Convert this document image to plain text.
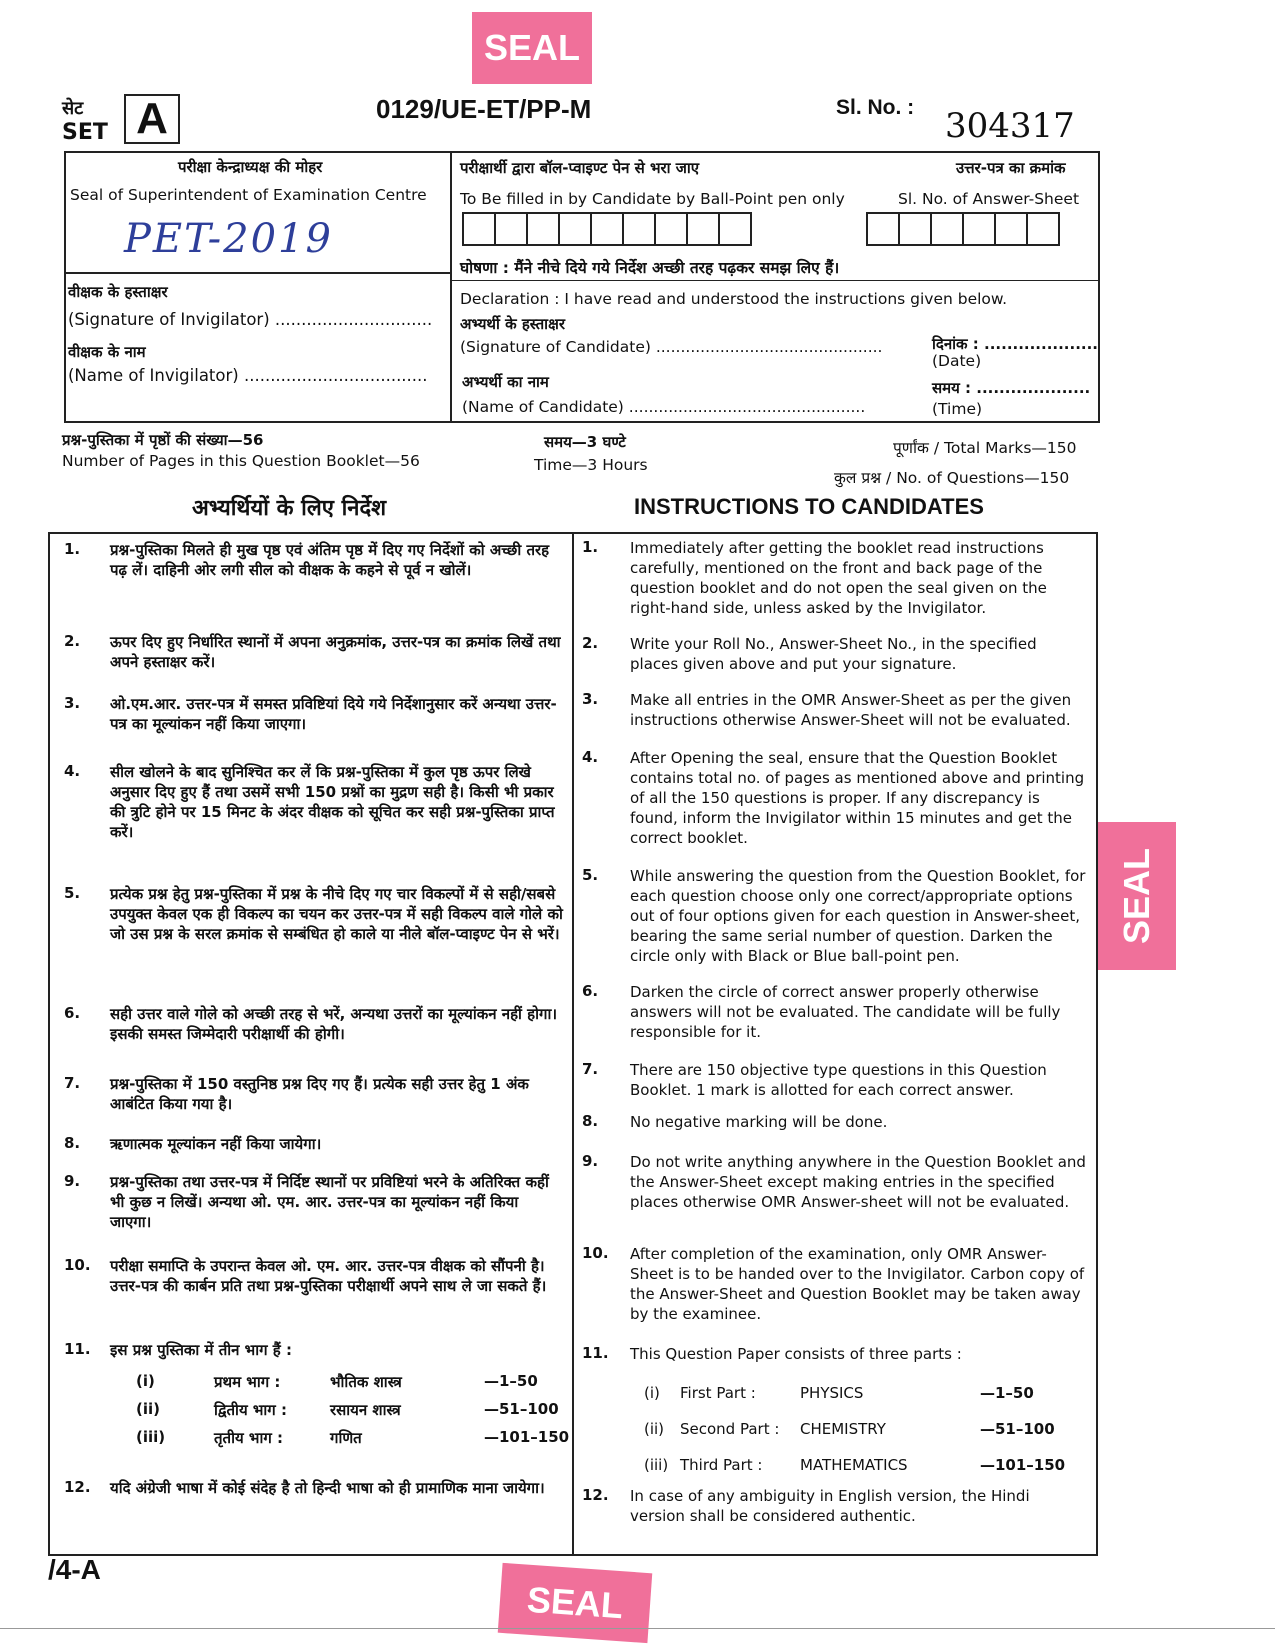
SEAL
SEAL
SEAL
सेट
SET A	0129/UE-ET/PP-M	Sl. No. : 304317
परीक्षा केन्द्राध्यक्ष की मोहर
Seal of Superintendent of Examination Centre
PET-2019
वीक्षक के हस्ताक्षर
(Signature of Invigilator) ..............................
वीक्षक के नाम
(Name of Invigilator) ...................................
परीक्षार्थी द्वारा बॉल-प्वाइण्ट पेन से भरा जाए
To Be filled in by Candidate by Ball-Point pen only
उत्तर-पत्र का क्रमांक
Sl. No. of Answer-Sheet
घोषणा : मैंने नीचे दिये गये निर्देश अच्छी तरह पढ़कर समझ लिए हैं।
Declaration : I have read and understood the instructions given below.
अभ्यर्थी के हस्ताक्षर
(Signature of Candidate) ..............................................
अभ्यर्थी का नाम
(Name of Candidate) ................................................
दिनांक : ....................
(Date)
समय : ....................
(Time)
प्रश्न-पुस्तिका में पृष्ठों की संख्या—56
Number of Pages in this Question Booklet—56
समय—3 घण्टे
Time—3 Hours
पूर्णांक / Total Marks—150
कुल प्रश्न / No. of Questions—150
अभ्यर्थियों के लिए निर्देश	INSTRUCTIONS TO CANDIDATES
/4-A
1. प्रश्न-पुस्तिका मिलते ही मुख पृष्ठ एवं अंतिम पृष्ठ में दिए गए निर्देशों को अच्छी तरह पढ़ लें। दाहिनी ओर लगी सील को वीक्षक के कहने से पूर्व न खोलें।
2. ऊपर दिए हुए निर्धारित स्थानों में अपना अनुक्रमांक, उत्तर-पत्र का क्रमांक लिखें तथा अपने हस्ताक्षर करें।
3. ओ.एम.आर. उत्तर-पत्र में समस्त प्रविष्टियां दिये गये निर्देशानुसार करें अन्यथा उत्तर-पत्र का मूल्यांकन नहीं किया जाएगा।
4. सील खोलने के बाद सुनिश्चित कर लें कि प्रश्न-पुस्तिका में कुल पृष्ठ ऊपर लिखे अनुसार दिए हुए हैं तथा उसमें सभी 150 प्रश्नों का मुद्रण सही है। किसी भी प्रकार की त्रुटि होने पर 15 मिनट के अंदर वीक्षक को सूचित कर सही प्रश्न-पुस्तिका प्राप्त करें।
5. प्रत्येक प्रश्न हेतु प्रश्न-पुस्तिका में प्रश्न के नीचे दिए गए चार विकल्पों में से सही/सबसे उपयुक्त केवल एक ही विकल्प का चयन कर उत्तर-पत्र में सही विकल्प वाले गोले को जो उस प्रश्न के सरल क्रमांक से सम्बंधित हो काले या नीले बॉल-प्वाइण्ट पेन से भरें।
6. सही उत्तर वाले गोले को अच्छी तरह से भरें, अन्यथा उत्तरों का मूल्यांकन नहीं होगा। इसकी समस्त जिम्मेदारी परीक्षार्थी की होगी।
7. प्रश्न-पुस्तिका में 150 वस्तुनिष्ठ प्रश्न दिए गए हैं। प्रत्येक सही उत्तर हेतु 1 अंक आबंटित किया गया है।
8. ऋणात्मक मूल्यांकन नहीं किया जायेगा।
9. प्रश्न-पुस्तिका तथा उत्तर-पत्र में निर्दिष्ट स्थानों पर प्रविष्टियां भरने के अतिरिक्त कहीं भी कुछ न लिखें। अन्यथा ओ. एम. आर. उत्तर-पत्र का मूल्यांकन नहीं किया जाएगा।
10. परीक्षा समाप्ति के उपरान्त केवल ओ. एम. आर. उत्तर-पत्र वीक्षक को सौंपनी है। उत्तर-पत्र की कार्बन प्रति तथा प्रश्न-पुस्तिका परीक्षार्थी अपने साथ ले जा सकते हैं।
11. इस प्रश्न पुस्तिका में तीन भाग हैं :
12. यदि अंग्रेजी भाषा में कोई संदेह है तो हिन्दी भाषा को ही प्रामाणिक माना जायेगा।
1. Immediately after getting the booklet read instructions carefully, mentioned on the front and back page of the question booklet and do not open the seal given on the right-hand side, unless asked by the Invigilator.
2. Write your Roll No., Answer-Sheet No., in the specified places given above and put your signature.
3. Make all entries in the OMR Answer-Sheet as per the given instructions otherwise Answer-Sheet will not be evaluated.
4. After Opening the seal, ensure that the Question Booklet contains total no. of pages as mentioned above and printing of all the 150 questions is proper. If any discrepancy is found, inform the Invigilator within 15 minutes and get the correct booklet.
5. While answering the question from the Question Booklet, for each question choose only one correct/appropriate options out of four options given for each question in Answer-sheet, bearing the same serial number of question. Darken the circle only with Black or Blue ball-point pen.
6. Darken the circle of correct answer properly otherwise answers will not be evaluated. The candidate will be fully responsible for it.
7. There are 150 objective type questions in this Question Booklet. 1 mark is allotted for each correct answer.
8. No negative marking will be done.
9. Do not write anything anywhere in the Question Booklet and the Answer-Sheet except making entries in the specified places otherwise OMR Answer-sheet will not be evaluated.
10. After completion of the examination, only OMR Answer-Sheet is to be handed over to the Invigilator. Carbon copy of the Answer-Sheet and Question Booklet may be taken away by the examinee.
11. This Question Paper consists of three parts :
12. In case of any ambiguity in English version, the Hindi version shall be considered authentic.
(i)	प्रथम भाग :	भौतिक शास्त्र	—1–50
(ii)	द्वितीय भाग :	रसायन शास्त्र	—51–100
(iii)	तृतीय भाग :	गणित	—101–150
(i) First Part :	PHYSICS	—1–50
(ii) Second Part : CHEMISTRY	—51–100
(iii) Third Part :	MATHEMATICS	—101–150
